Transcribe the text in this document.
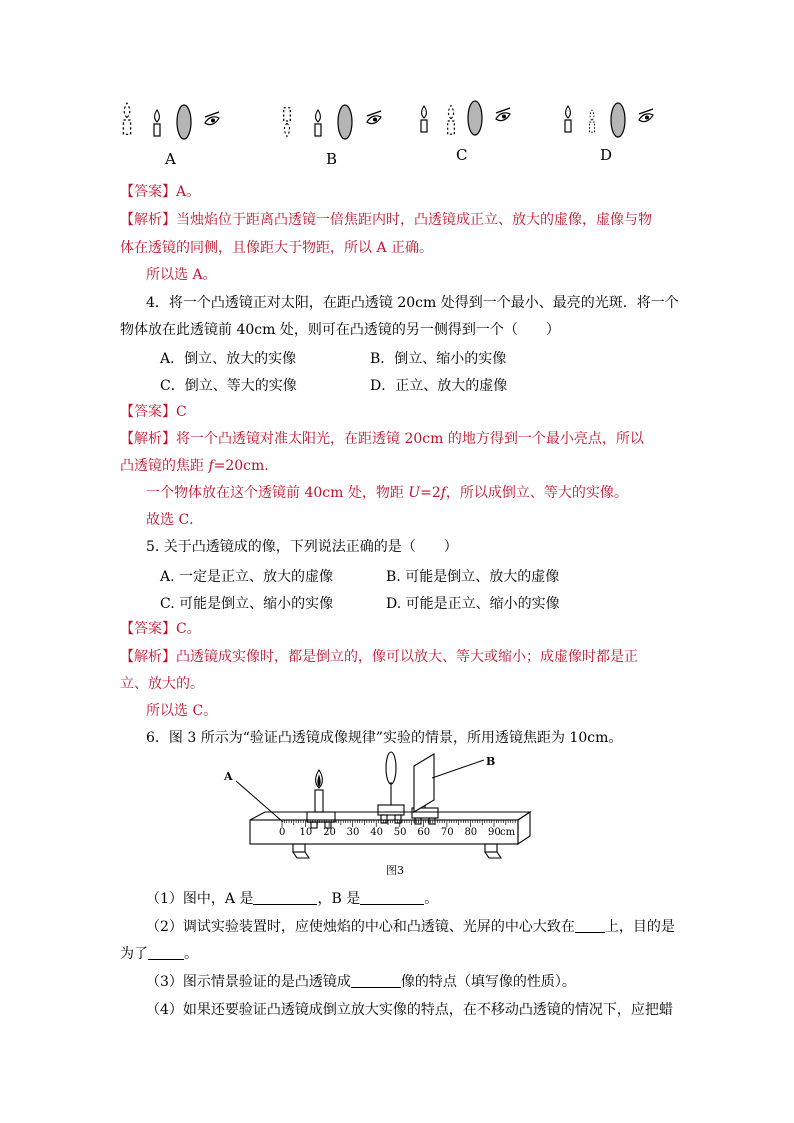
A	B	C	D
【答案】A。
【解析】当烛焰位于距离凸透镜一倍焦距内时，凸透镜成正立、放大的虚像，虚像与物
体在透镜的同侧，且像距大于物距，所以 A 正确。
所以选 A。
4．将一个凸透镜正对太阳，在距凸透镜 20cm 处得到一个最小、最亮的光斑．将一个
物体放在此透镜前 40cm 处，则可在凸透镜的另一侧得到一个（　　）
A．倒立、放大的实像	B．倒立、缩小的实像
C．倒立、等大的实像	D．正立、放大的虚像
【答案】C
【解析】将一个凸透镜对准太阳光，在距透镜 20cm 的地方得到一个最小亮点，所以
凸透镜的焦距 f=20cm.
一个物体放在这个透镜前 40cm 处，物距 U=2f，所以成倒立、等大的实像。
故选 C．
5. 关于凸透镜成的像，下列说法正确的是（　　）
A. 一定是正立、放大的虚像	B. 可能是倒立、放大的虚像
C. 可能是倒立、缩小的实像	D. 可能是正立、缩小的实像
【答案】C。
【解析】凸透镜成实像时，都是倒立的，像可以放大、等大或缩小；成虚像时都是正
立、放大的。
所以选 C。
6．图 3 所示为“验证凸透镜成像规律”实验的情景，所用透镜焦距为 10cm。
A
B
0 10 20 30 40 50 60 70 80 90 cm
图3
（1）图中，A 是	，B 是	。
（2）调试实验装置时，应使烛焰的中心和凸透镜、光屏的中心大致在 上，目的是
为了	。
（3）图示情景验证的是凸透镜成	像的特点（填写像的性质）。
（4）如果还要验证凸透镜成倒立放大实像的特点，在不移动凸透镜的情况下，应把蜡
